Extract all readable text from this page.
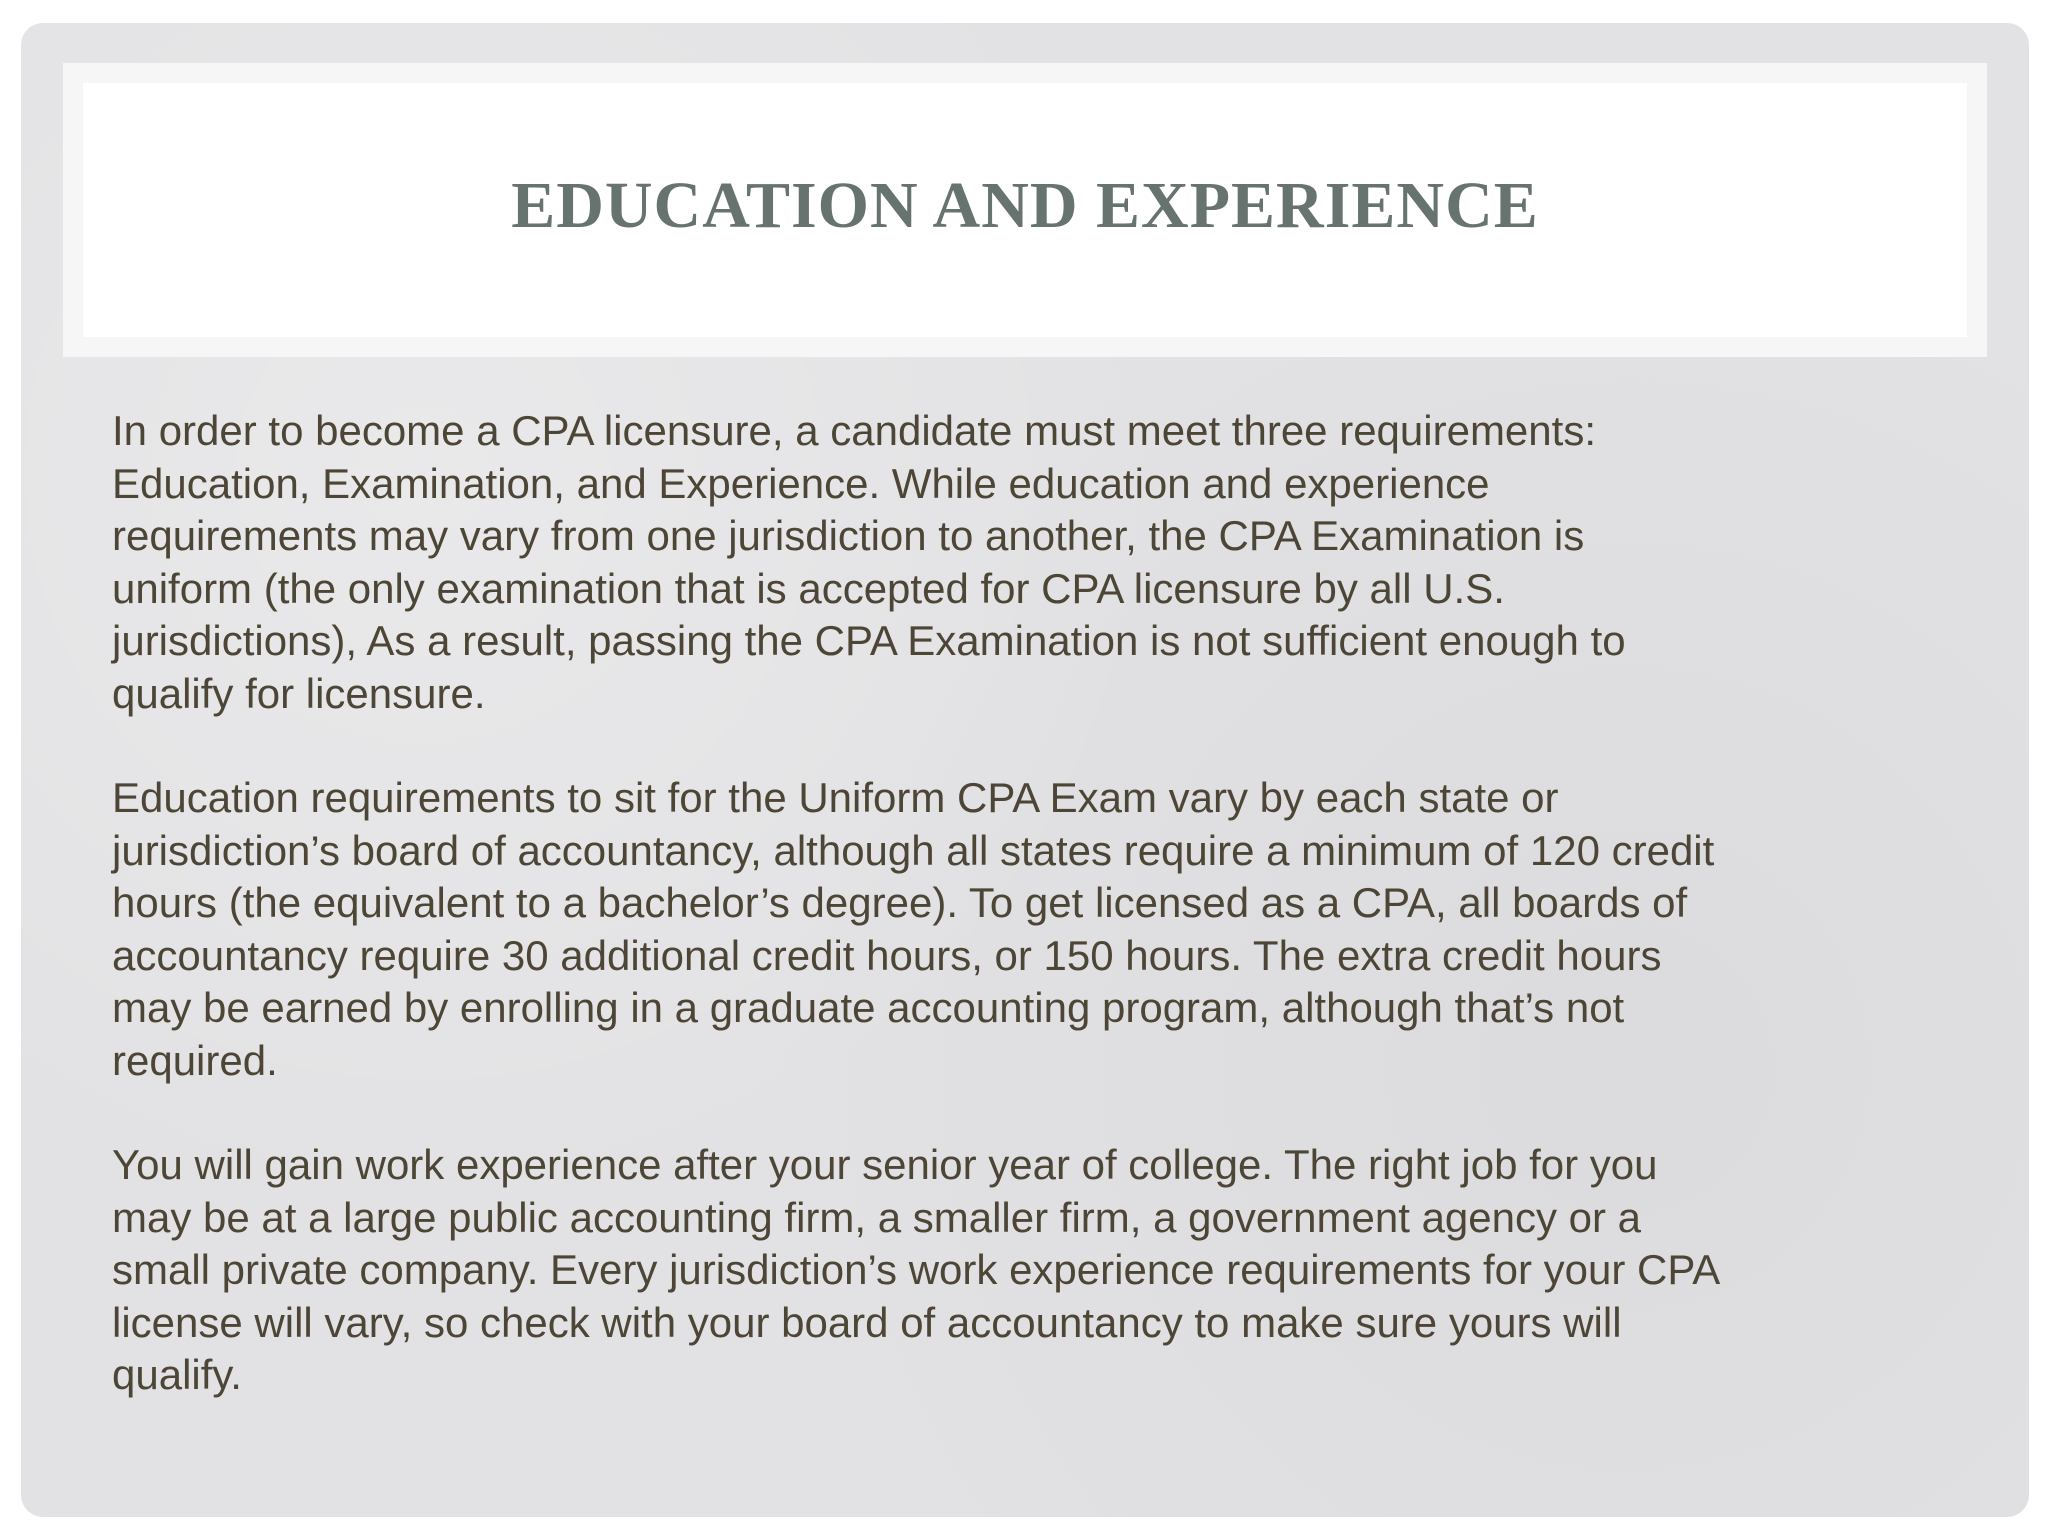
EDUCATION AND EXPERIENCE

In order to become a CPA licensure, a candidate must meet three requirements:
Education, Examination, and Experience. While education and experience
requirements may vary from one jurisdiction to another, the CPA Examination is
uniform (the only examination that is accepted for CPA licensure by all U.S.
jurisdictions), As a result, passing the CPA Examination is not sufficient enough to
qualify for licensure.

Education requirements to sit for the Uniform CPA Exam vary by each state or
jurisdiction’s board of accountancy, although all states require a minimum of 120 credit
hours (the equivalent to a bachelor’s degree). To get licensed as a CPA, all boards of
accountancy require 30 additional credit hours, or 150 hours. The extra credit hours
may be earned by enrolling in a graduate accounting program, although that’s not
required.

You will gain work experience after your senior year of college. The right job for you
may be at a large public accounting firm, a smaller firm, a government agency or a
small private company. Every jurisdiction’s work experience requirements for your CPA
license will vary, so check with your board of accountancy to make sure yours will
qualify.
